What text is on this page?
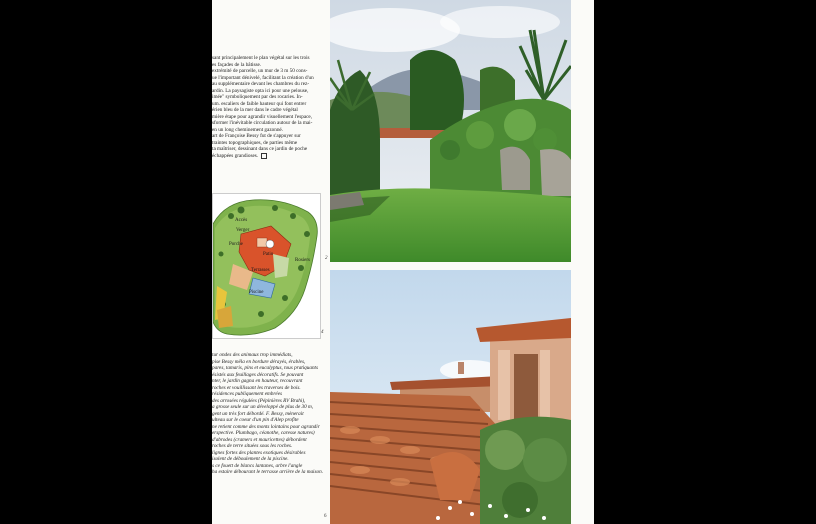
sant principalement le plan végétal sur les trois

es façades de la bâtisse.

extrémité de parcelle, un mur de 3 m 50 cons-

ue l'important dénivelé, facilitant la création d'un

au supplémentaire devant les chambres du rez-

ardin. La paysagiste opta ici pour une pelouse,

imée" symboliquement par des rocaries. In-

um. escaliers de faible hauteur qui font entrer

érien bleu de la mer dans le cadre végétal

mière étape pour agrandir visuellement l'espace,

sformer l'inévitable circulation autour de la mai-

en un long cheminement gazonné.

art de Françoise Bessy fut de s'appuyer sur

traintes topographiques, de parties même

ta maîtriser, dessinant dans ce jardin de poche

échappées grandioses.

Accès
Verger
Porche
Patio
Rosiers
Terrasses
Piscine
4

tur ondes des animaux trop immédiats,

pise Bessy mêla en bordure dérayés, érables,

pares, tamaris, pins et eucalyptus, tous pratiquants

ésistés aux feuillages décoratifs. Se pouvant

nter, le jardin gagna en hauteur, recouvrant

roches et vouillissant les traverses de bois.

résidences publiquement embrées

des arrosées régulées (Pépinières RV Brahi),

a grosse seule sur un développé de plus de 30 m,

gent un très fort débordé. F. Bessy, mènerait

ulteau sur le coeur d'un pin d'Alep profite

ne retient comme des monts lointains pour agrandir

erspective. Plumbago, céanothe, caresse natures)

d'abrodes (cramers et mauricettes) débordent

roches de terre situées sous les roches.

lignes fortes des plantes exotiques désirables

isolent de déboulement de la piscine.

s ce fouett de blancs lantanes, arbre l'angle

ha estaire débourant le terrasse arrière de la maison.

2
6
